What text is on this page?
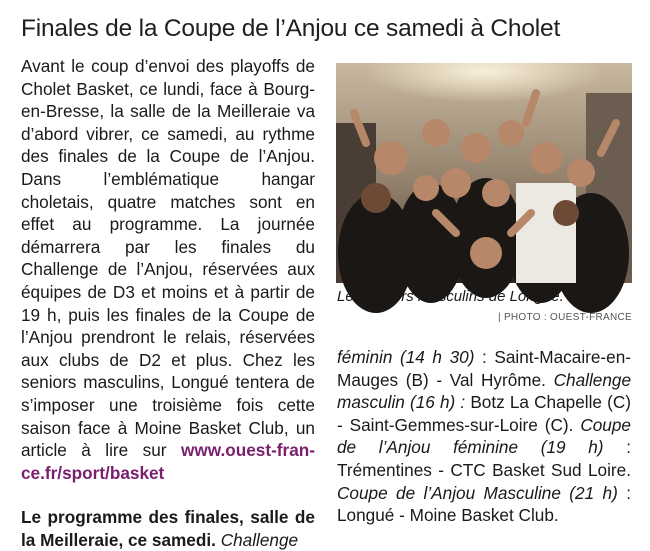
Finales de la Coupe de l’Anjou ce samedi à Cholet

Avant le coup d’envoi des playoffs de Cholet Basket, ce lundi, face à Bourg-en-Bresse, la salle de la Meilleraie va d’abord vibrer, ce samedi, au rythme des finales de la Coupe de l’Anjou. Dans l’emblématique hangar choletais, quatre matches sont en effet au programme. La journée démarrera par les finales du Challenge de l’Anjou, réservées aux équipes de D3 et moins et à partir de 19 h, puis les finales de la Coupe de l’Anjou prendront le relais, réservées aux clubs de D2 et plus. Chez les seniors masculins, Longué tentera de s’imposer une troisième fois cette saison face à Moine Basket Club, un article à lire sur www.ouest-france.fr/sport/basket

Le programme des finales, salle de la Meilleraie, ce samedi. Challenge

Les seniors masculins de Longué.
| PHOTO : OUEST-FRANCE

féminin (14 h 30) : Saint-Macaire-en-Mauges (B) - Val Hyrôme. Challenge masculin (16 h) : Botz La Chapelle (C) - Saint-Gemmes-sur-Loire (C). Coupe de l’Anjou féminine (19 h) : Trémentines - CTC Basket Sud Loire. Coupe de l’Anjou Masculine (21 h) : Longué - Moine Basket Club.
